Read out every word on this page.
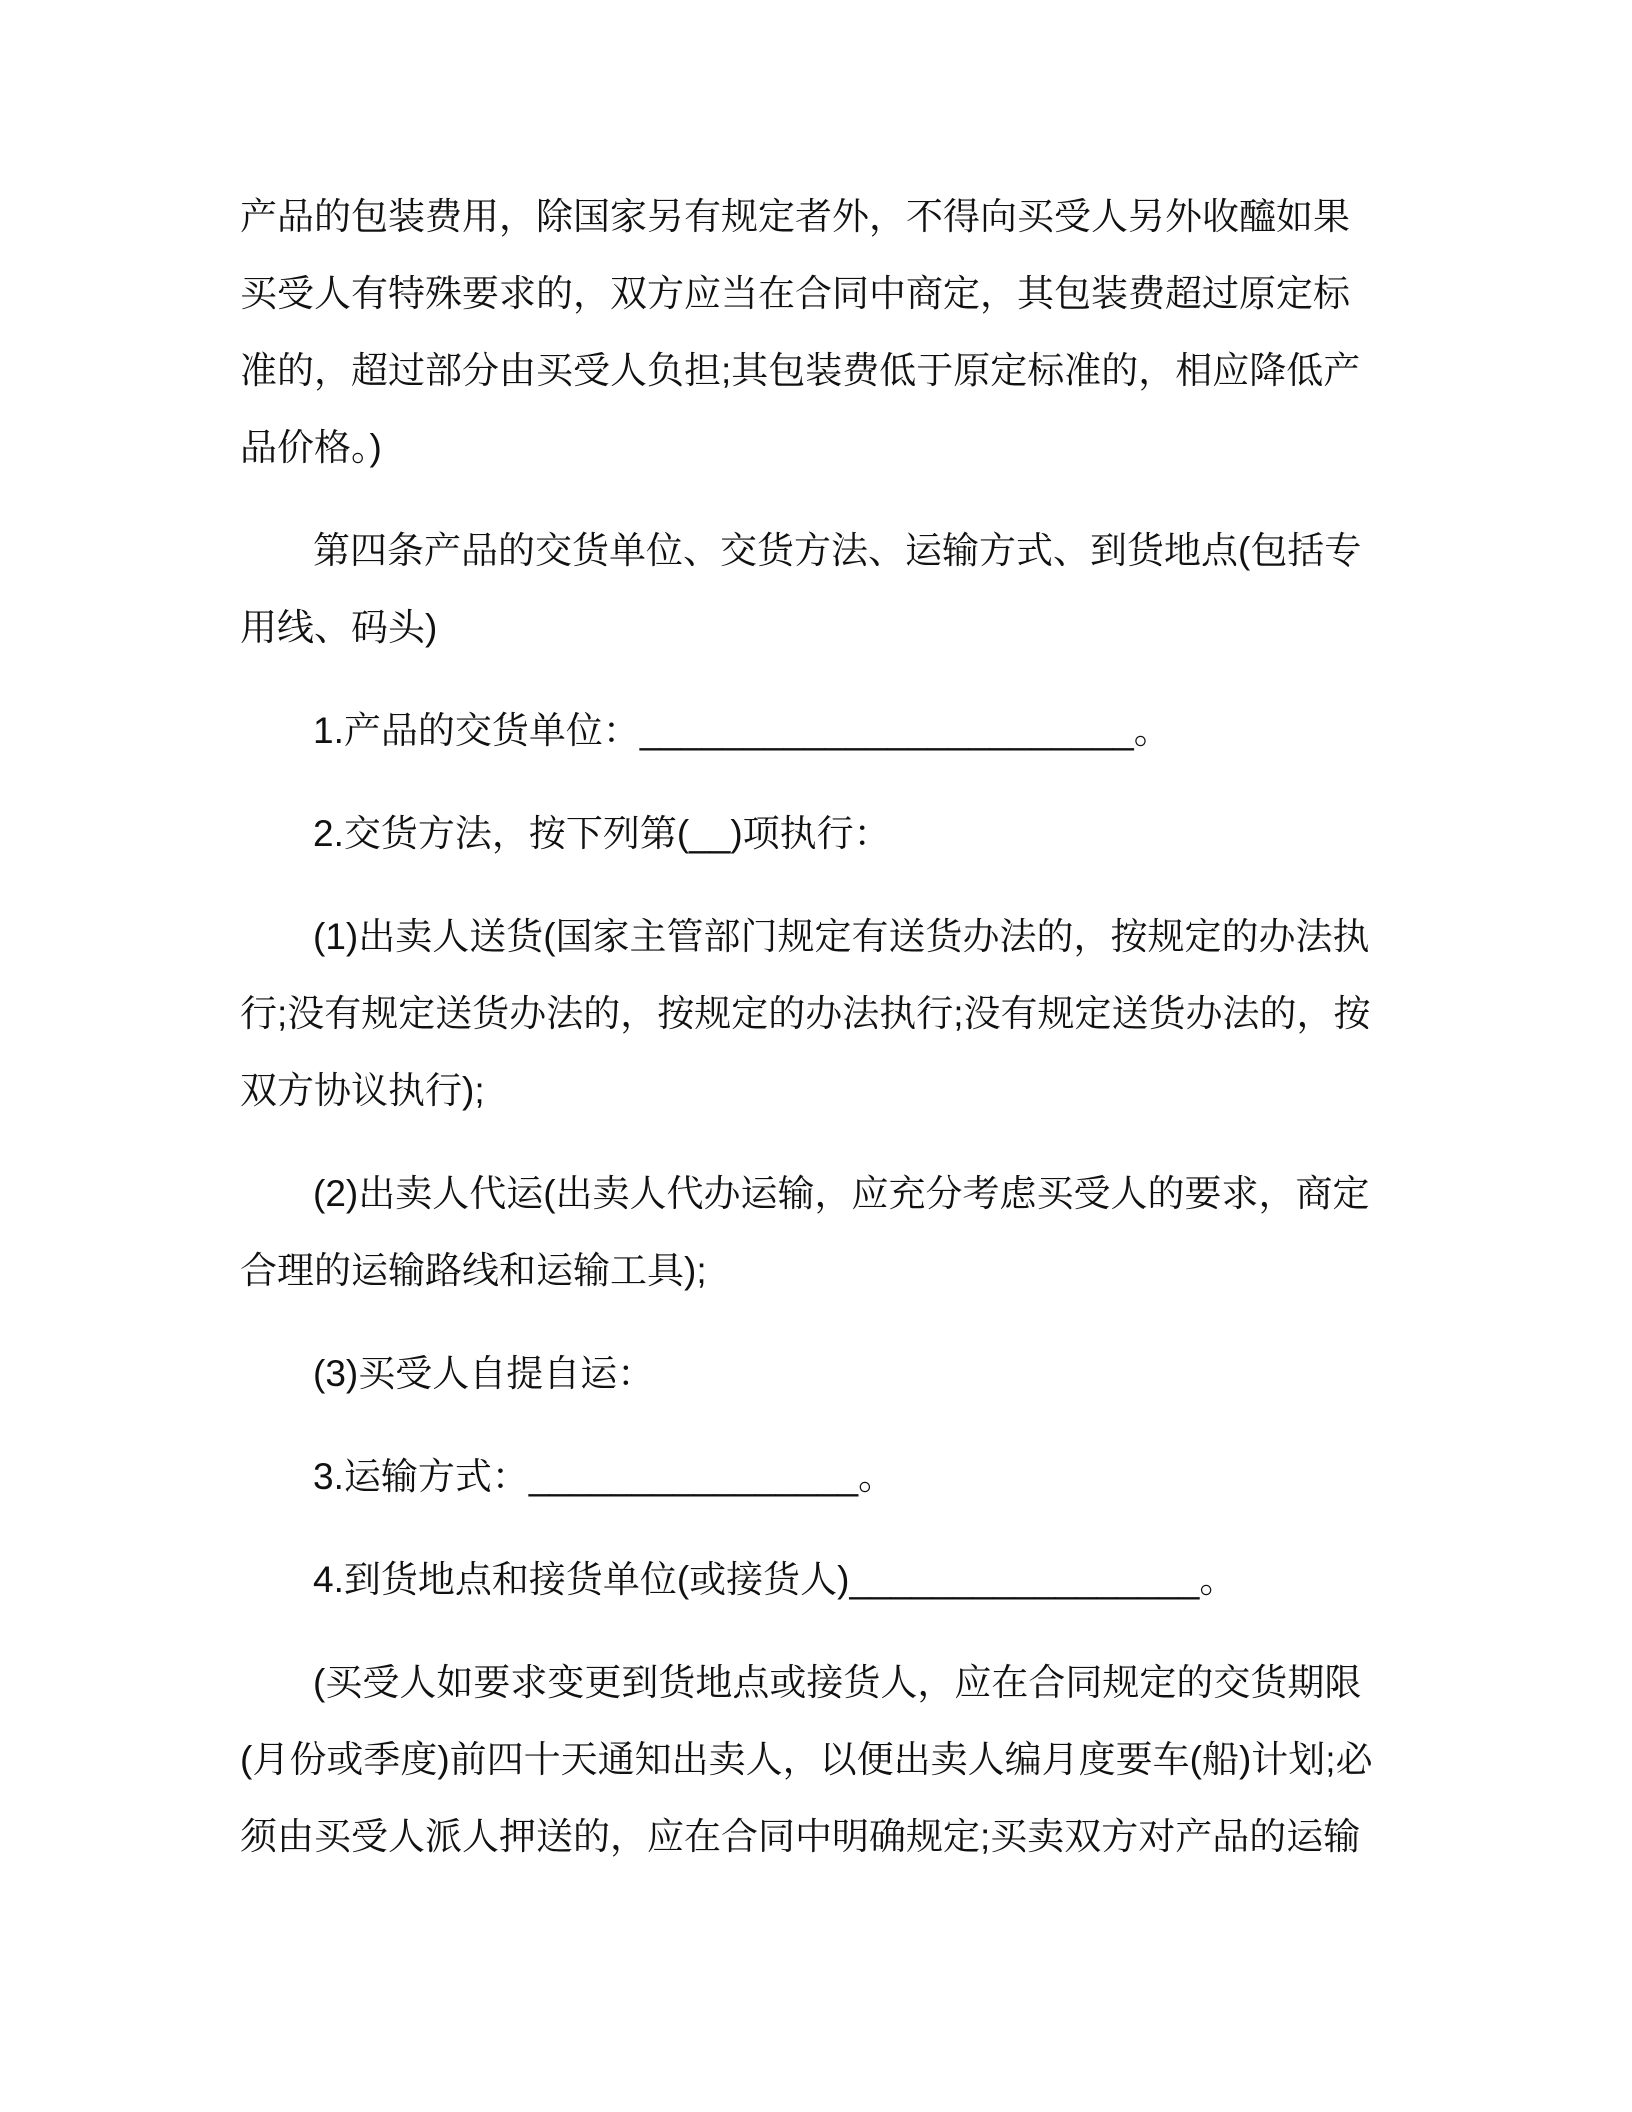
产品的包装费用，除国家另有规定者外，不得向买受人另外收醯如果
买受人有特殊要求的，双方应当在合同中商定，其包装费超过原定标
准的，超过部分由买受人负担;其包装费低于原定标准的，相应降低产
品价格。)
第四条产品的交货单位、交货方法、运输方式、到货地点(包括专
用线、码头)
1.产品的交货单位：________________________。
2.交货方法，按下列第(__)项执行：
(1)出卖人送货(国家主管部门规定有送货办法的，按规定的办法执
行;没有规定送货办法的，按规定的办法执行;没有规定送货办法的，按
双方协议执行);
(2)出卖人代运(出卖人代办运输，应充分考虑买受人的要求，商定
合理的运输路线和运输工具);
(3)买受人自提自运：
3.运输方式：________________。
4.到货地点和接货单位(或接货人)_________________。
(买受人如要求变更到货地点或接货人，应在合同规定的交货期限
(月份或季度)前四十天通知出卖人，以便出卖人编月度要车(船)计划;必
须由买受人派人押送的，应在合同中明确规定;买卖双方对产品的运输
